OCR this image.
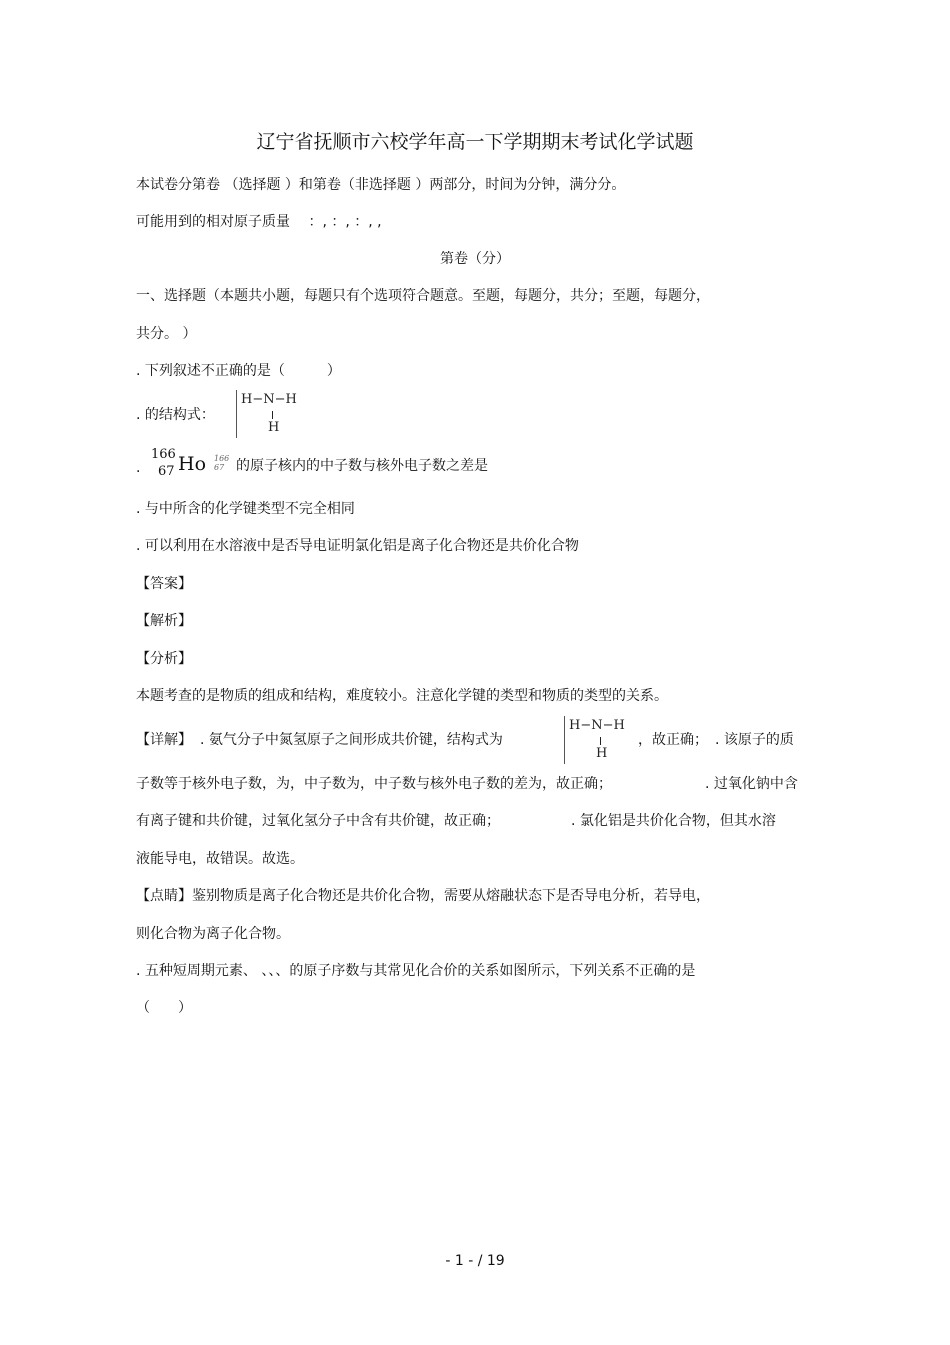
辽宁省抚顺市六校学年高一下学期期末考试化学试题
本试卷分第卷 （选择题 ）和第卷（非选择题 ）两部分，时间为分钟，满分分。
可能用到的相对原子质量　 ：, ：, ：, ,
第卷（分）
一、选择题（本题共小题，每题只有个选项符合题意。至题，每题分，共分；至题，每题分，
共分。 ）
. 下列叙述不正确的是（　　　）
. 的结构式：
H−N−H
H
.
166
67 Ho 166
67 的原子核内的中子数与核外电子数之差是
. 与中所含的化学键类型不完全相同
. 可以利用在水溶液中是否导电证明氯化铝是离子化合物还是共价化合物
【答案】
【解析】
【分析】
本题考查的是物质的组成和结构，难度较小。注意化学键的类型和物质的类型的关系。
【详解】 . 氨气分子中氮氢原子之间形成共价键，结构式为
H−N−H
H
，故正确；　. 该原子的质
子数等于核外电子数，为，中子数为，中子数与核外电子数的差为，故正确；	. 过氧化钠中含
有离子键和共价键，过氧化氢分子中含有共价键，故正确；	. 氯化铝是共价化合物，但其水溶
液能导电，故错误。故选。
【点睛】 鉴别物质是离子化合物还是共价化合物，需要从熔融状态下是否导电分析，若导电，
则化合物为离子化合物。
. 五种短周期元素、 、、、的原子序数与其常见化合价的关系如图所示，下列关系不正确的是
（　　）
- 1 - / 19
